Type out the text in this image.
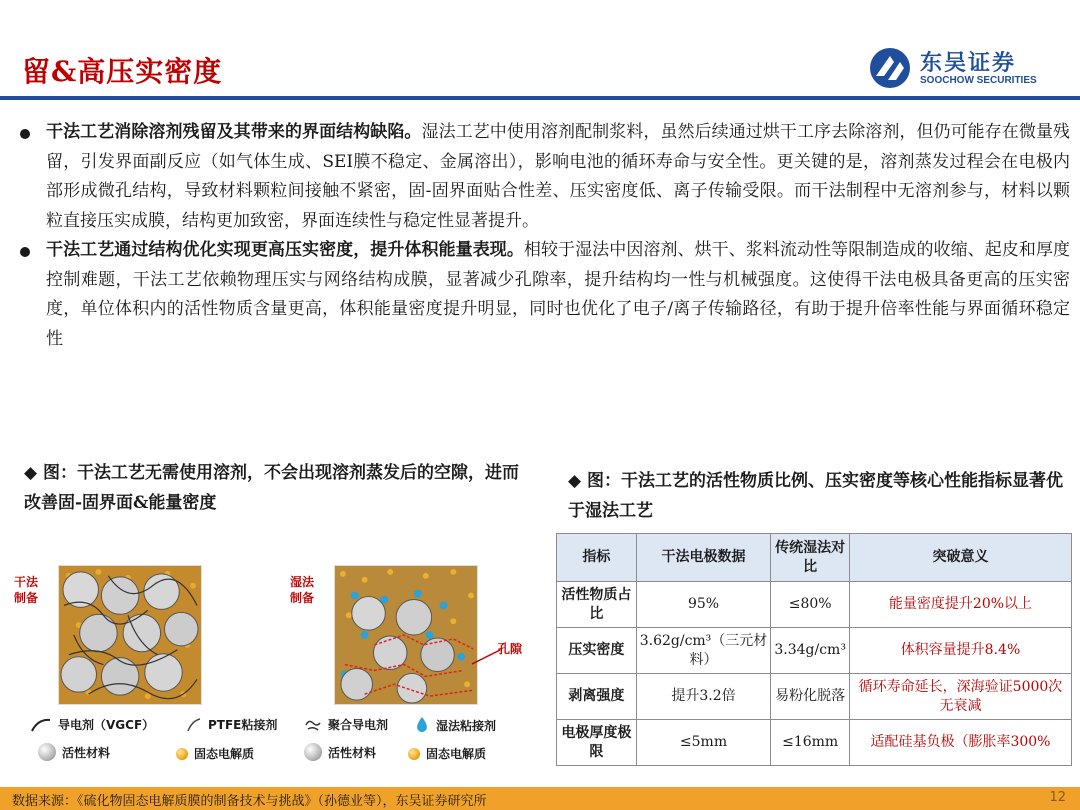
留&高压实密度	东吴证券
SOOCHOW SECURITIES
干法工艺消除溶剂残留及其带来的界面结构缺陷。湿法工艺中使用溶剂配制浆料，虽然后续通过烘干工序去除溶剂，但仍可能存在微量残留，引发界面副反应（如气体生成、SEI膜不稳定、金属溶出），影响电池的循环寿命与安全性。更关键的是，溶剂蒸发过程会在电极内部形成微孔结构，导致材料颗粒间接触不紧密，固-固界面贴合性差、压实密度低、离子传输受限。而干法制程中无溶剂参与，材料以颗粒直接压实成膜，结构更加致密，界面连续性与稳定性显著提升。
干法工艺通过结构优化实现更高压实密度，提升体积能量表现。相较于湿法中因溶剂、烘干、浆料流动性等限制造成的收缩、起皮和厚度控制难题，干法工艺依赖物理压实与网络结构成膜，显著减少孔隙率，提升结构均一性与机械强度。这使得干法电极具备更高的压实密度，单位体积内的活性物质含量更高，体积能量密度提升明显，同时也优化了电子/离子传输路径，有助于提升倍率性能与界面循环稳定性
◆ 图：干法工艺无需使用溶剂，不会出现溶剂蒸发后的空隙，进而改善固-固界面&能量密度
干法制备
湿法制备
孔隙
导电剂（VGCF）	PTFE粘接剂	聚合导电剂	湿法粘接剂
活性材料	固态电解质	活性材料	固态电解质
◆ 图：干法工艺的活性物质比例、压实密度等核心性能指标显著优于湿法工艺
指标	干法电极数据	传统湿法对比	突破意义
活性物质占比	95%	≤80%	能量密度提升20%以上
压实密度	3.62g/cm³（三元材料）	3.34g/cm³	体积容量提升8.4%
剥离强度	提升3.2倍	易粉化脱落	循环寿命延长，深海验证5000次无衰减
电极厚度极限	≤5mm	≤16mm	适配硅基负极（膨胀率300%
数据来源：《硫化物固态电解质膜的制备技术与挑战》（孙德业等），东吴证券研究所	12
